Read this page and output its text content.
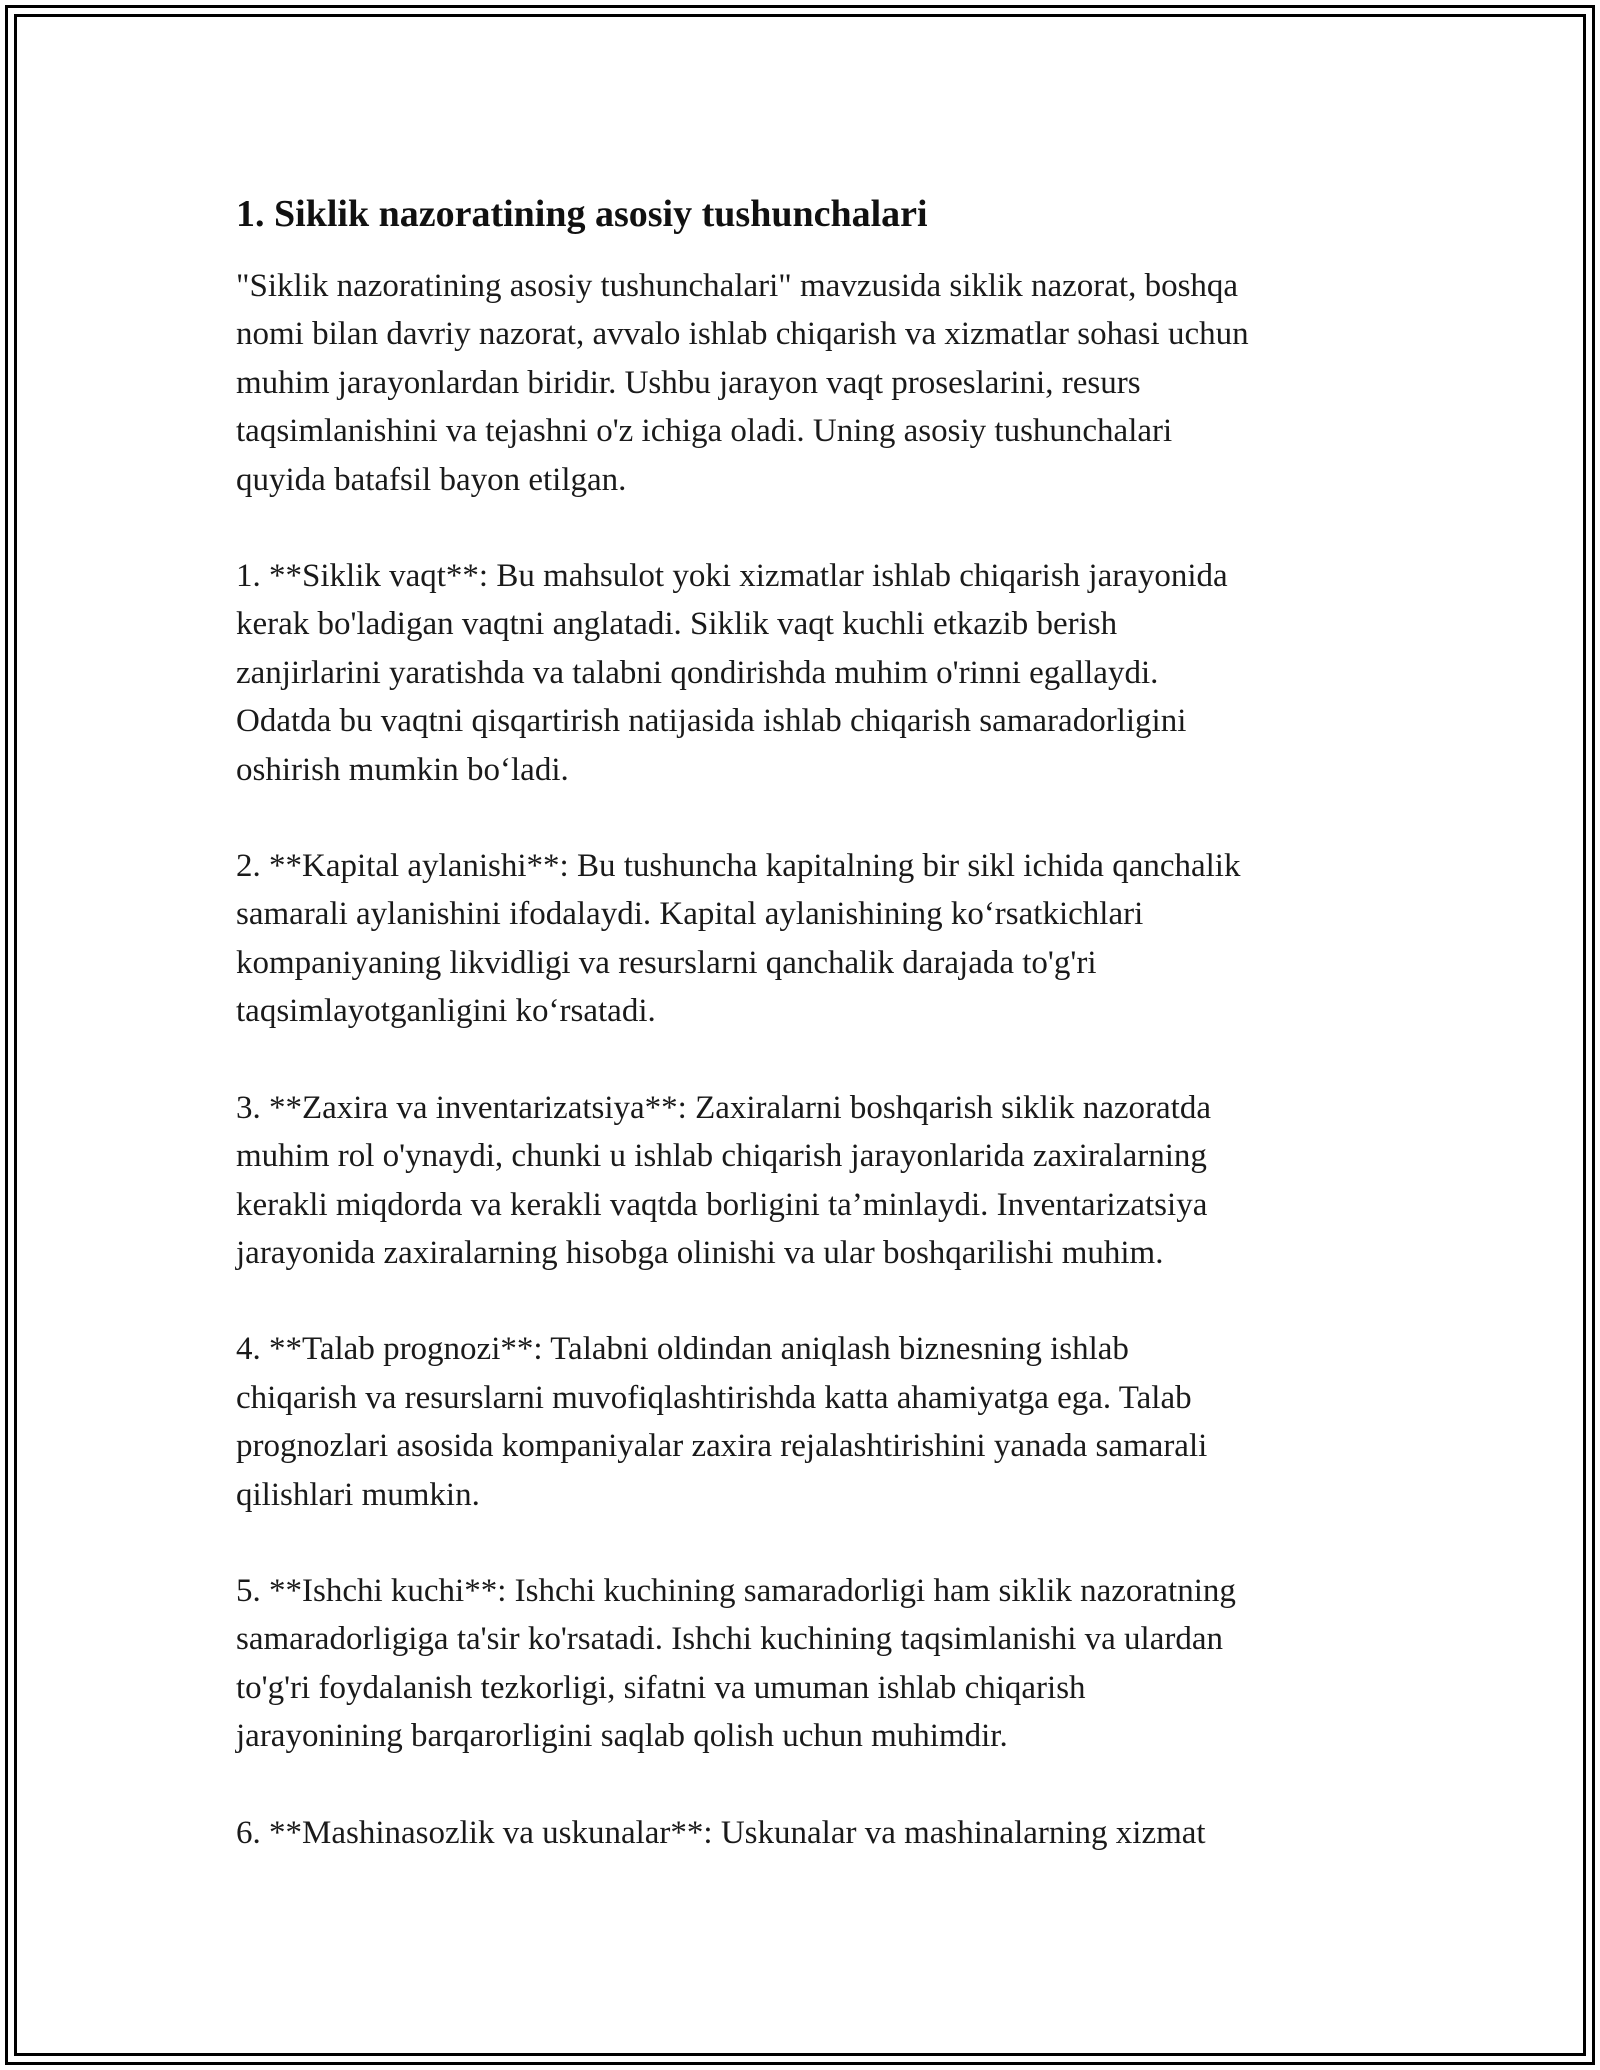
1. Siklik nazoratining asosiy tushunchalari

"Siklik nazoratining asosiy tushunchalari" mavzusida siklik nazorat, boshqa
nomi bilan davriy nazorat, avvalo ishlab chiqarish va xizmatlar sohasi uchun
muhim jarayonlardan biridir. Ushbu jarayon vaqt proseslarini, resurs
taqsimlanishini va tejashni o'z ichiga oladi. Uning asosiy tushunchalari
quyida batafsil bayon etilgan.

1. **Siklik vaqt**: Bu mahsulot yoki xizmatlar ishlab chiqarish jarayonida
kerak bo'ladigan vaqtni anglatadi. Siklik vaqt kuchli etkazib berish
zanjirlarini yaratishda va talabni qondirishda muhim o'rinni egallaydi.
Odatda bu vaqtni qisqartirish natijasida ishlab chiqarish samaradorligini
oshirish mumkin bo‘ladi.

2. **Kapital aylanishi**: Bu tushuncha kapitalning bir sikl ichida qanchalik
samarali aylanishini ifodalaydi. Kapital aylanishining ko‘rsatkichlari
kompaniyaning likvidligi va resurslarni qanchalik darajada to'g'ri
taqsimlayotganligini ko‘rsatadi.

3. **Zaxira va inventarizatsiya**: Zaxiralarni boshqarish siklik nazoratda
muhim rol o'ynaydi, chunki u ishlab chiqarish jarayonlarida zaxiralarning
kerakli miqdorda va kerakli vaqtda borligini ta’minlaydi. Inventarizatsiya
jarayonida zaxiralarning hisobga olinishi va ular boshqarilishi muhim.

4. **Talab prognozi**: Talabni oldindan aniqlash biznesning ishlab
chiqarish va resurslarni muvofiqlashtirishda katta ahamiyatga ega. Talab
prognozlari asosida kompaniyalar zaxira rejalashtirishini yanada samarali
qilishlari mumkin.

5. **Ishchi kuchi**: Ishchi kuchining samaradorligi ham siklik nazoratning
samaradorligiga ta'sir ko'rsatadi. Ishchi kuchining taqsimlanishi va ulardan
to'g'ri foydalanish tezkorligi, sifatni va umuman ishlab chiqarish
jarayonining barqarorligini saqlab qolish uchun muhimdir.

6. **Mashinasozlik va uskunalar**: Uskunalar va mashinalarning xizmat
